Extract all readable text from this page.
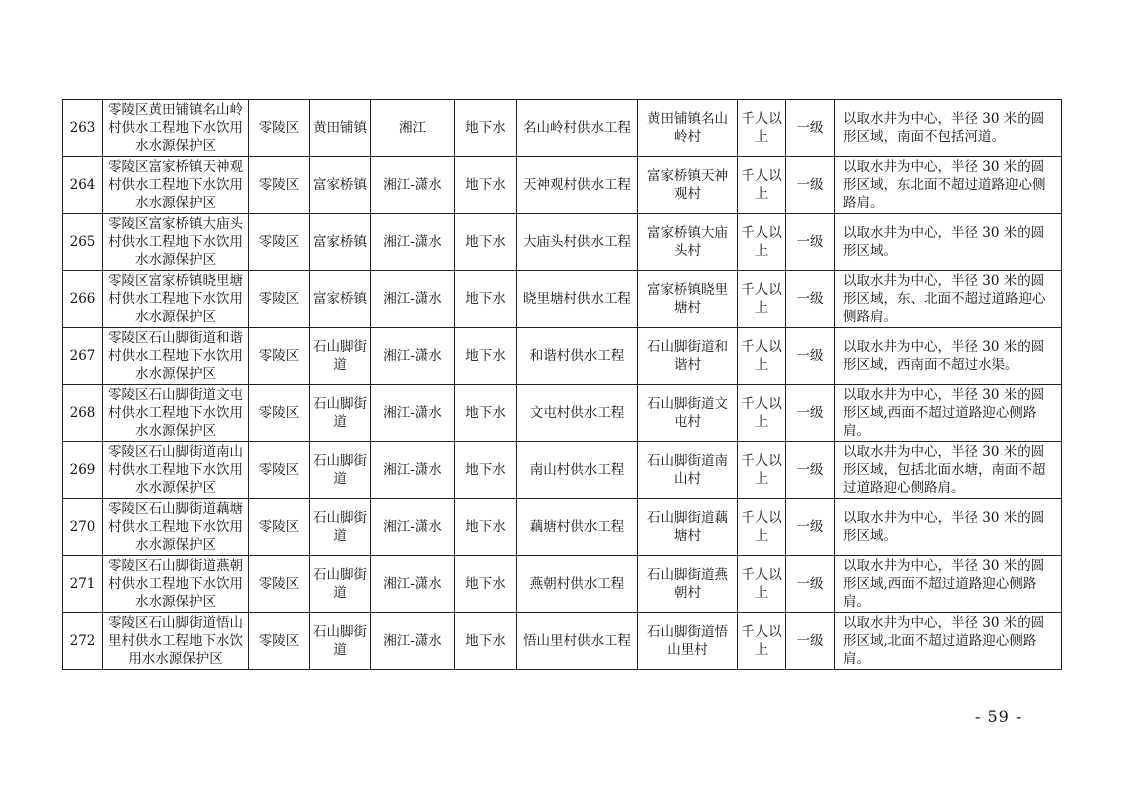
263	零陵区黄田铺镇名山岭村供水工程地下水饮用水水源保护区	零陵区	黄田铺镇	湘江	地下水	名山岭村供水工程	黄田铺镇名山岭村	千人以上	一级	以取水井为中心，半径 30 米的圆形区域，南面不包括河道。
264	零陵区富家桥镇天神观村供水工程地下水饮用水水源保护区	零陵区	富家桥镇	湘江-潇水	地下水	天神观村供水工程	富家桥镇天神观村	千人以上	一级	以取水井为中心，半径 30 米的圆形区域，东北面不超过道路迎心侧路肩。
265	零陵区富家桥镇大庙头村供水工程地下水饮用水水源保护区	零陵区	富家桥镇	湘江-潇水	地下水	大庙头村供水工程	富家桥镇大庙头村	千人以上	一级	以取水井为中心，半径 30 米的圆形区域。
266	零陵区富家桥镇晓里塘村供水工程地下水饮用水水源保护区	零陵区	富家桥镇	湘江-潇水	地下水	晓里塘村供水工程	富家桥镇晓里塘村	千人以上	一级	以取水井为中心，半径 30 米的圆形区域，东、北面不超过道路迎心侧路肩。
267	零陵区石山脚街道和谐村供水工程地下水饮用水水源保护区	零陵区	石山脚街道	湘江-潇水	地下水	和谐村供水工程	石山脚街道和谐村	千人以上	一级	以取水井为中心，半径 30 米的圆形区域，西南面不超过水渠。
268	零陵区石山脚街道文屯村供水工程地下水饮用水水源保护区	零陵区	石山脚街道	湘江-潇水	地下水	文屯村供水工程	石山脚街道文屯村	千人以上	一级	以取水井为中心，半径 30 米的圆形区域,西面不超过道路迎心侧路肩。
269	零陵区石山脚街道南山村供水工程地下水饮用水水源保护区	零陵区	石山脚街道	湘江-潇水	地下水	南山村供水工程	石山脚街道南山村	千人以上	一级	以取水井为中心，半径 30 米的圆形区域，包括北面水塘，南面不超过道路迎心侧路肩。
270	零陵区石山脚街道藕塘村供水工程地下水饮用水水源保护区	零陵区	石山脚街道	湘江-潇水	地下水	藕塘村供水工程	石山脚街道藕塘村	千人以上	一级	以取水井为中心，半径 30 米的圆形区域。
271	零陵区石山脚街道燕朝村供水工程地下水饮用水水源保护区	零陵区	石山脚街道	湘江-潇水	地下水	燕朝村供水工程	石山脚街道燕朝村	千人以上	一级	以取水井为中心，半径 30 米的圆形区域,西面不超过道路迎心侧路肩。
272	零陵区石山脚街道悟山里村供水工程地下水饮用水水源保护区	零陵区	石山脚街道	湘江-潇水	地下水	悟山里村供水工程	石山脚街道悟山里村	千人以上	一级	以取水井为中心，半径 30 米的圆形区域,北面不超过道路迎心侧路肩。
- 59 -
